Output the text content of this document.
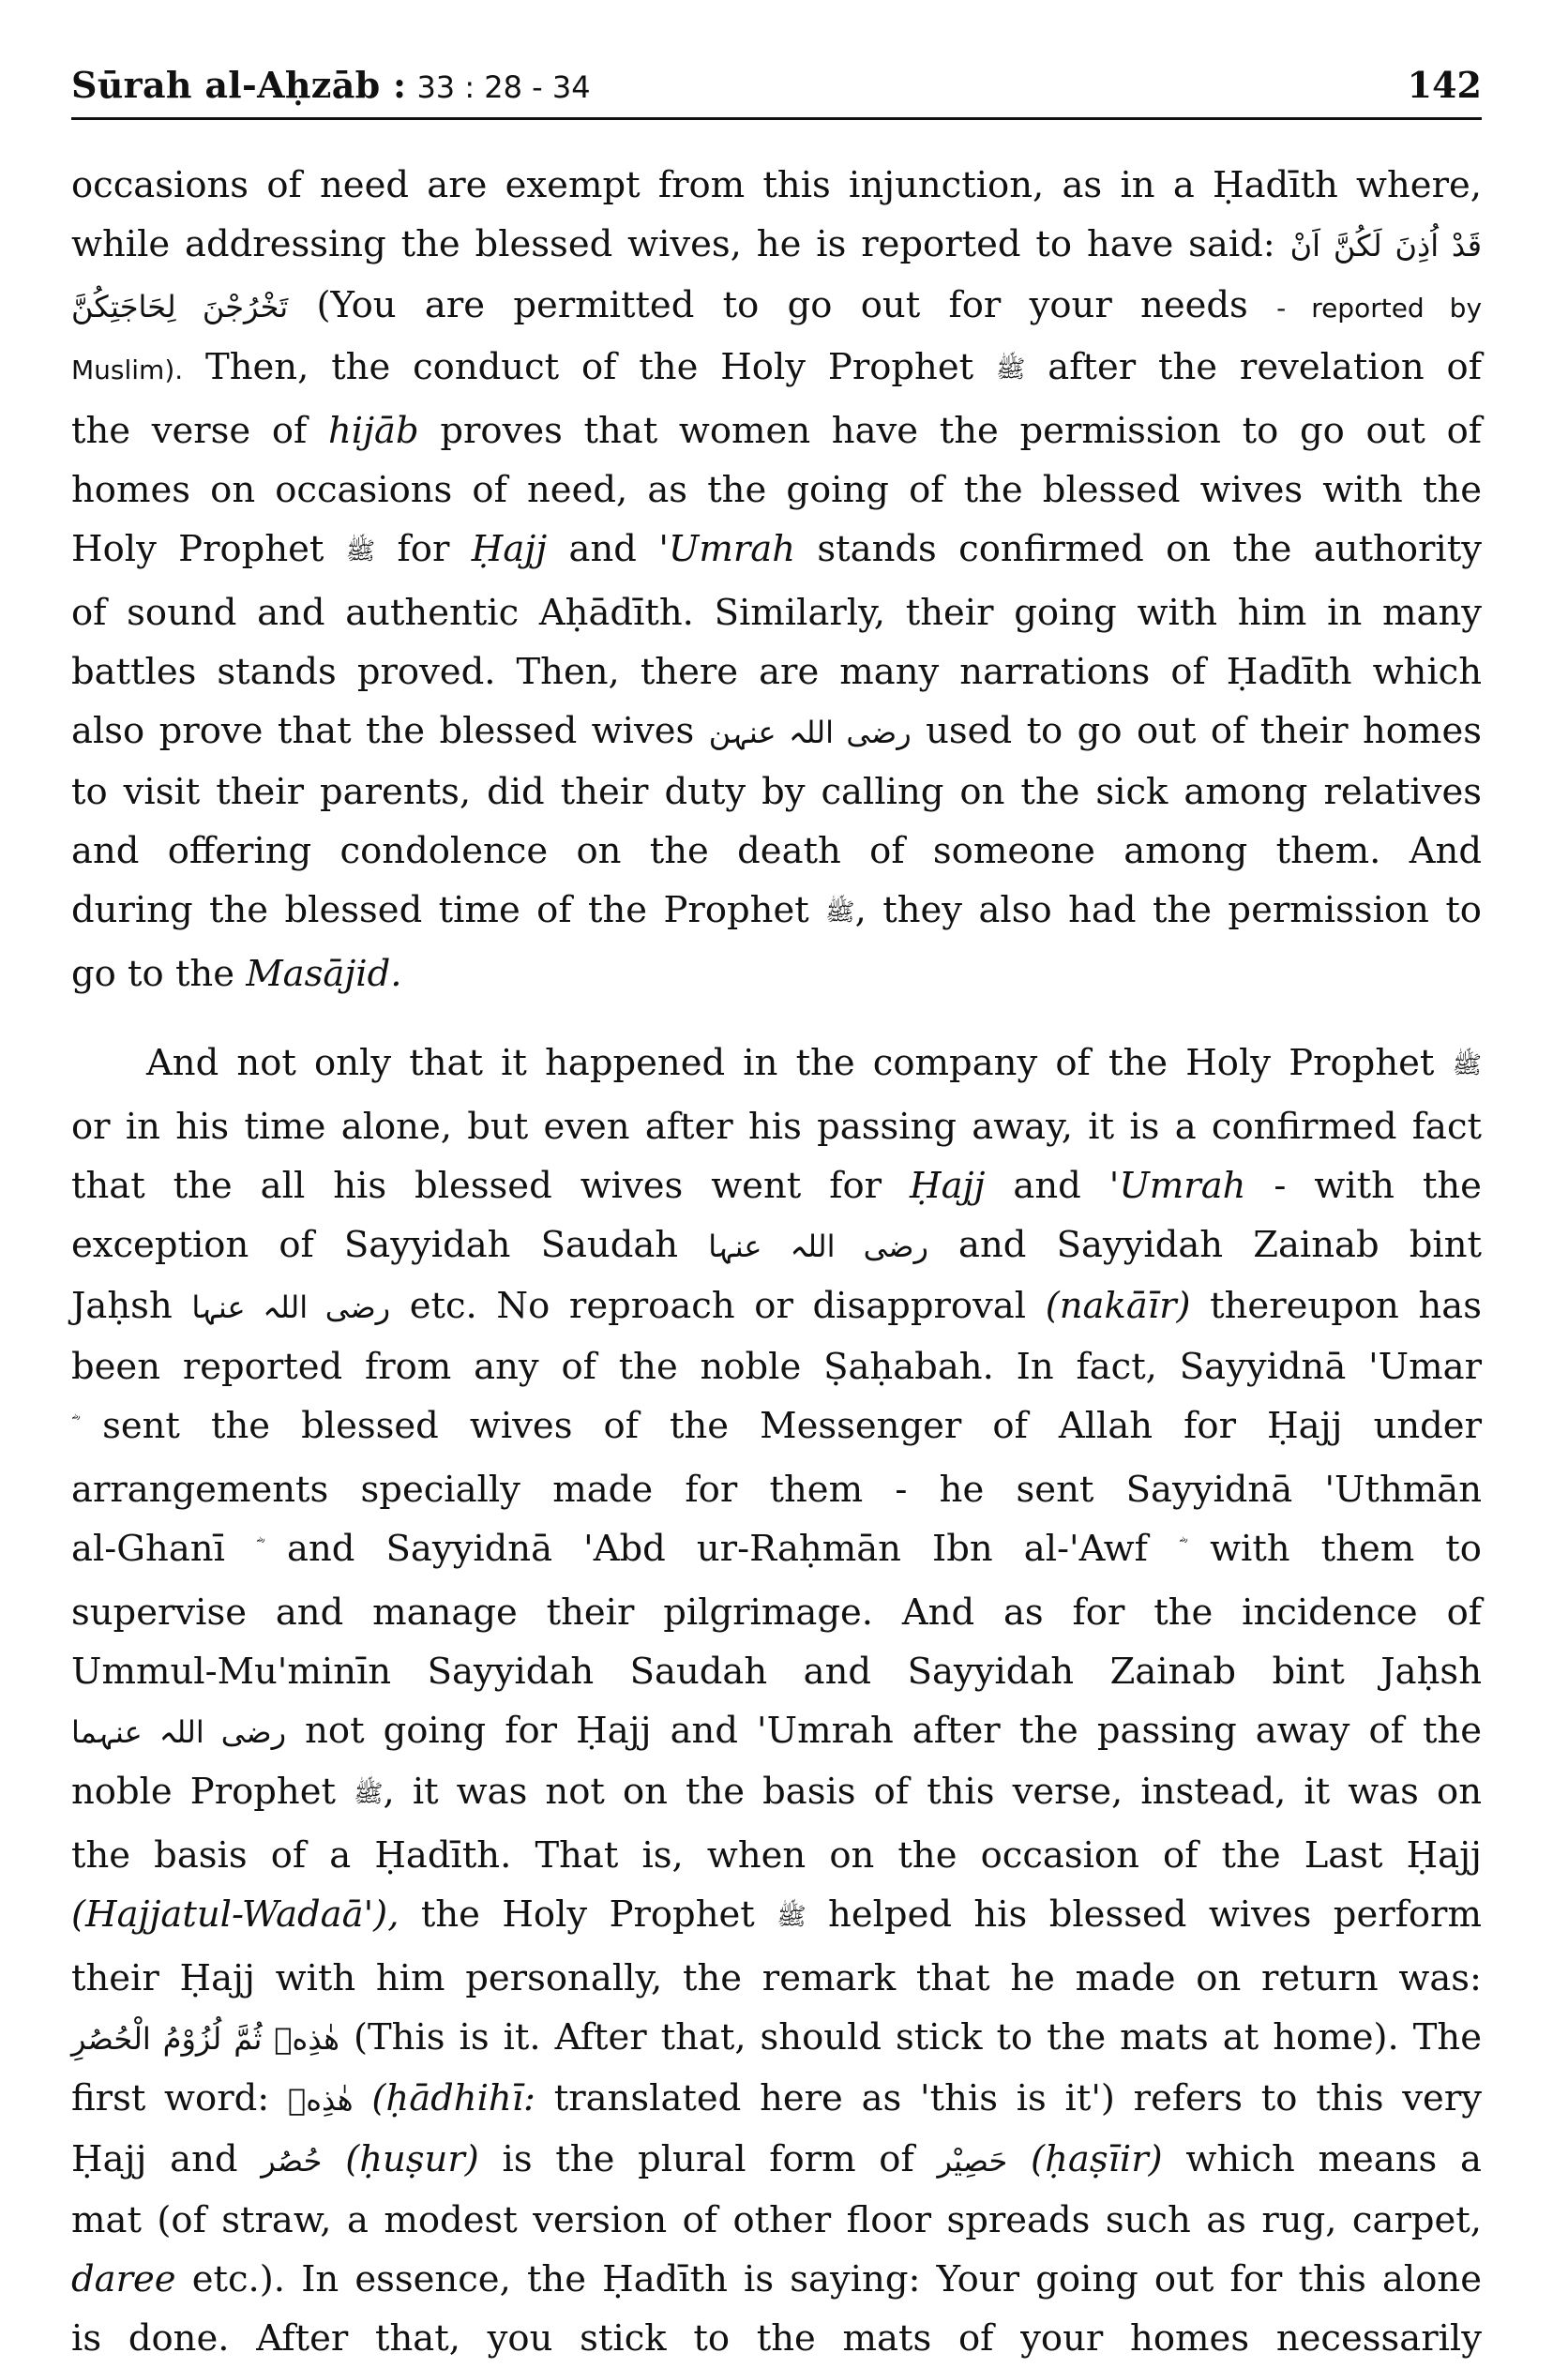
Sūrah al-Aḥzāb : 33 : 28 - 34	142

occasions of need are exempt from this injunction, as in a Ḥadīth where,

while addressing the blessed wives, he is reported to have said: قَدْ اُذِنَ لَكُنَّ اَنْ

تَخْرُجْنَ لِحَاجَتِكُنَّ (You are permitted to go out for your needs - reported by

Muslim). Then, the conduct of the Holy Prophet ﷺ after the revelation of

the verse of hijāb proves that women have the permission to go out of

homes on occasions of need, as the going of the blessed wives with the

Holy Prophet ﷺ for Ḥajj and 'Umrah stands confirmed on the authority

of sound and authentic Aḥādīth. Similarly, their going with him in many

battles stands proved. Then, there are many narrations of Ḥadīth which

also prove that the blessed wives رضی اللہ عنہن used to go out of their homes

to visit their parents, did their duty by calling on the sick among relatives

and offering condolence on the death of someone among them. And

during the blessed time of the Prophet ﷺ, they also had the permission to

go to the Masājid.

And not only that it happened in the company of the Holy Prophet ﷺ

or in his time alone, but even after his passing away, it is a confirmed fact

that the all his blessed wives went for Ḥajj and 'Umrah - with the

exception of Sayyidah Saudah رضی اللہ عنہا and Sayyidah Zainab bint

Jaḥsh رضی اللہ عنہا etc. No reproach or disapproval (nakāīr) thereupon has

been reported from any of the noble Ṣaḥabah. In fact, Sayyidnā 'Umar

sent the blessed wives of the Messenger of Allah for Ḥajj under

arrangements specially made for them - he sent Sayyidnā 'Uthmān

al-Ghanī and Sayyidnā 'Abd ur-Raḥmān Ibn al-'Awf with them to

supervise and manage their pilgrimage. And as for the incidence of

Ummul-Mu'minīn Sayyidah Saudah and Sayyidah Zainab bint Jaḥsh

رضی اللہ عنہما not going for Ḥajj and 'Umrah after the passing away of the

noble Prophet ﷺ, it was not on the basis of this verse, instead, it was on

the basis of a Ḥadīth. That is, when on the occasion of the Last Ḥajj

(Hajjatul-Wadaā'), the Holy Prophet ﷺ helped his blessed wives perform

their Ḥajj with him personally, the remark that he made on return was:

هٰذِهٖ ثُمَّ لُزُوْمُ الْحُصُرِ (This is it. After that, should stick to the mats at home). The

first word: هٰذِهٖ (ḥādhihī: translated here as 'this is it') refers to this very

Ḥajj and حُصُر (ḥuṣur) is the plural form of حَصِیْر (ḥaṣīir) which means a

mat (of straw, a modest version of other floor spreads such as rug, carpet,

daree etc.). In essence, the Ḥadīth is saying: Your going out for this alone

is done. After that, you stick to the mats of your homes necessarily
